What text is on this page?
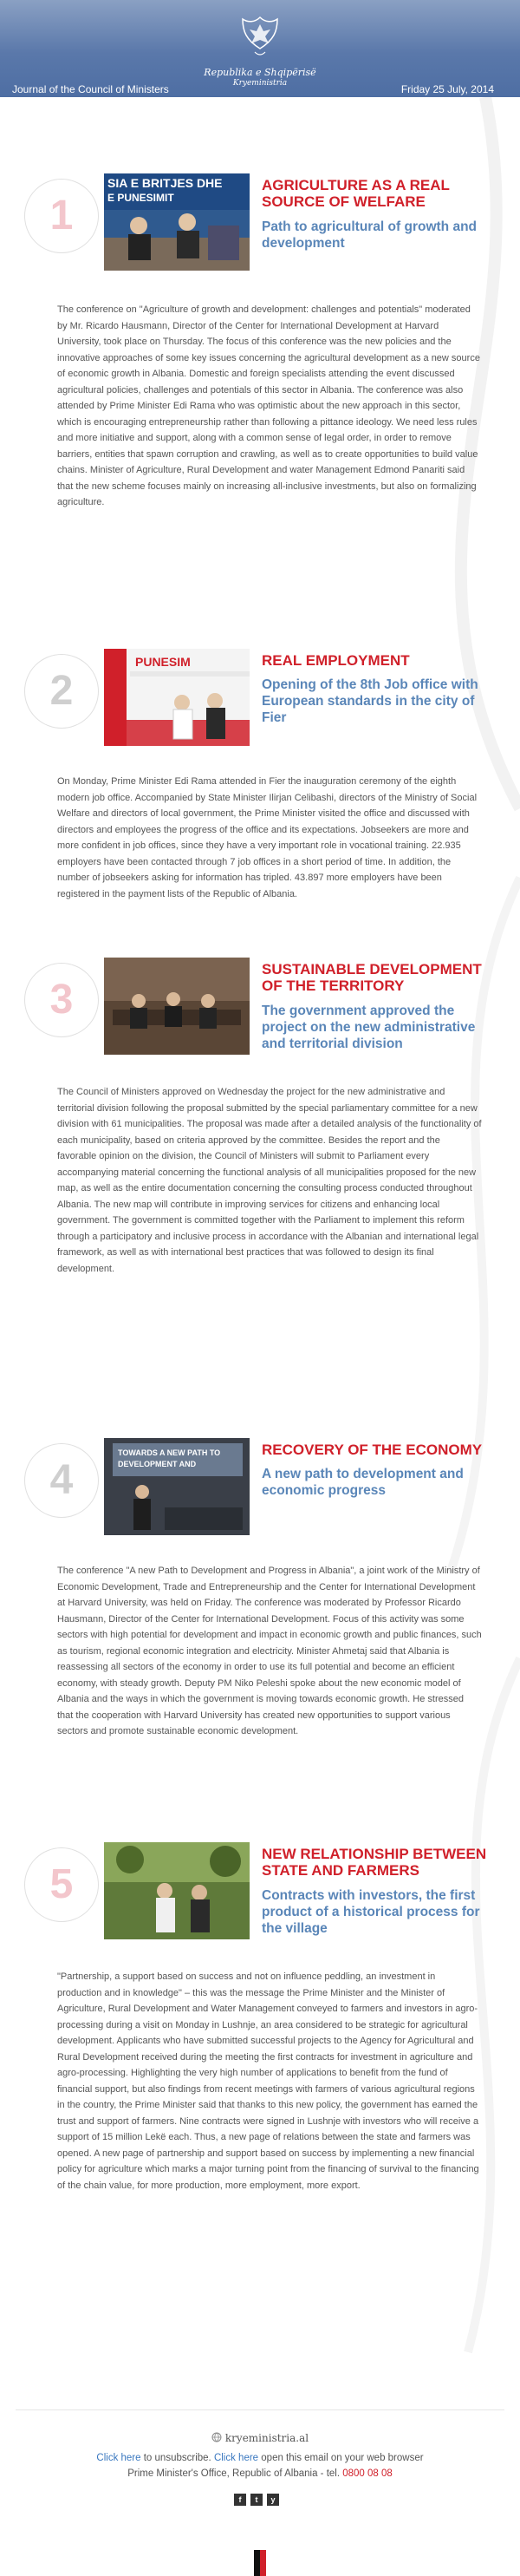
Republika e Shqipërisë
Kryeministria
Journal of the Council of Ministers	Friday 25 July, 2014
1
SIA E BRITJES DHE
E PUNESIMIT
AGRICULTURE AS A REAL SOURCE OF WELFARE
Path to agricultural of growth and development
The conference on "Agriculture of growth and development: challenges and potentials" moderated by Mr. Ricardo Hausmann, Director of the Center for International Development at Harvard University, took place on Thursday. The focus of this conference was the new policies and the innovative approaches of some key issues concerning the agricultural development as a new source of economic growth in Albania. Domestic and foreign specialists attending the event discussed agricultural policies, challenges and potentials of this sector in Albania. The conference was also attended by Prime Minister Edi Rama who was optimistic about the new approach in this sector, which is encouraging entrepreneurship rather than following a pittance ideology. We need less rules and more initiative and support, along with a common sense of legal order, in order to remove barriers, entities that spawn corruption and crawling, as well as to create opportunities to build value chains. Minister of Agriculture, Rural Development and water Management Edmond Panariti said that the new scheme focuses mainly on increasing all-inclusive investments, but also on formalizing agriculture.
2
PUNESIM	REAL EMPLOYMENT
Opening of the 8th Job office with European standards in the city of Fier
On Monday, Prime Minister Edi Rama attended in Fier the inauguration ceremony of the eighth modern job office. Accompanied by State Minister Ilirjan Celibashi, directors of the Ministry of Social Welfare and directors of local government, the Prime Minister visited the office and discussed with directors and employees the progress of the office and its expectations. Jobseekers are more and more confident in job offices, since they have a very important role in vocational training. 22.935 employers have been contacted through 7 job offices in a short period of time. In addition, the number of jobseekers asking for information has tripled. 43.897 more employers have been registered in the payment lists of the Republic of Albania.
3
SUSTAINABLE DEVELOPMENT OF THE TERRITORY
The government approved the project on the new administrative and territorial division
The Council of Ministers approved on Wednesday the project for the new administrative and territorial division following the proposal submitted by the special parliamentary committee for a new division with 61 municipalities. The proposal was made after a detailed analysis of the functionality of each municipality, based on criteria approved by the committee. Besides the report and the favorable opinion on the division, the Council of Ministers will submit to Parliament every accompanying material concerning the functional analysis of all municipalities proposed for the new map, as well as the entire documentation concerning the consulting process conducted throughout Albania. The new map will contribute in improving services for citizens and enhancing local government. The government is committed together with the Parliament to implement this reform through a participatory and inclusive process in accordance with the Albanian and international legal framework, as well as with international best practices that was followed to design its final development.
4
TOWARDS A NEW PATH TO
DEVELOPMENT AND
RECOVERY OF THE ECONOMY
A new path to development and economic progress
The conference "A new Path to Development and Progress in Albania", a joint work of the Ministry of Economic Development, Trade and Entrepreneurship and the Center for International Development at Harvard University, was held on Friday. The conference was moderated by Professor Ricardo Hausmann, Director of the Center for International Development. Focus of this activity was some sectors with high potential for development and impact in economic growth and public finances, such as tourism, regional economic integration and electricity. Minister Ahmetaj said that Albania is reassessing all sectors of the economy in order to use its full potential and become an efficient economy, with steady growth. Deputy PM Niko Peleshi spoke about the new economic model of Albania and the ways in which the government is moving towards economic growth. He stressed that the cooperation with Harvard University has created new opportunities to support various sectors and promote sustainable economic development.
5
NEW RELATIONSHIP BETWEEN STATE AND FARMERS
Contracts with investors, the first product of a historical process for the village
"Partnership, a support based on success and not on influence peddling, an investment in production and in knowledge" – this was the message the Prime Minister and the Minister of Agriculture, Rural Development and Water Management conveyed to farmers and investors in agro-processing during a visit on Monday in Lushnje, an area considered to be strategic for agricultural development. Applicants who have submitted successful projects to the Agency for Agricultural and Rural Development received during the meeting the first contracts for investment in agriculture and agro-processing. Highlighting the very high number of applications to benefit from the fund of financial support, but also findings from recent meetings with farmers of various agricultural regions in the country, the Prime Minister said that thanks to this new policy, the government has earned the trust and support of farmers. Nine contracts were signed in Lushnje with investors who will receive a support of 15 million Lekë each. Thus, a new page of relations between the state and farmers was opened. A new page of partnership and support based on success by implementing a new financial policy for agriculture which marks a major turning point from the financing of survival to the financing of the chain value, for more production, more employment, more export.
kryeministria.al
Click here to unsubscribe. Click here open this email on your web browser
Prime Minister's Office, Republic of Albania - tel. 0800 08 08
f t y
